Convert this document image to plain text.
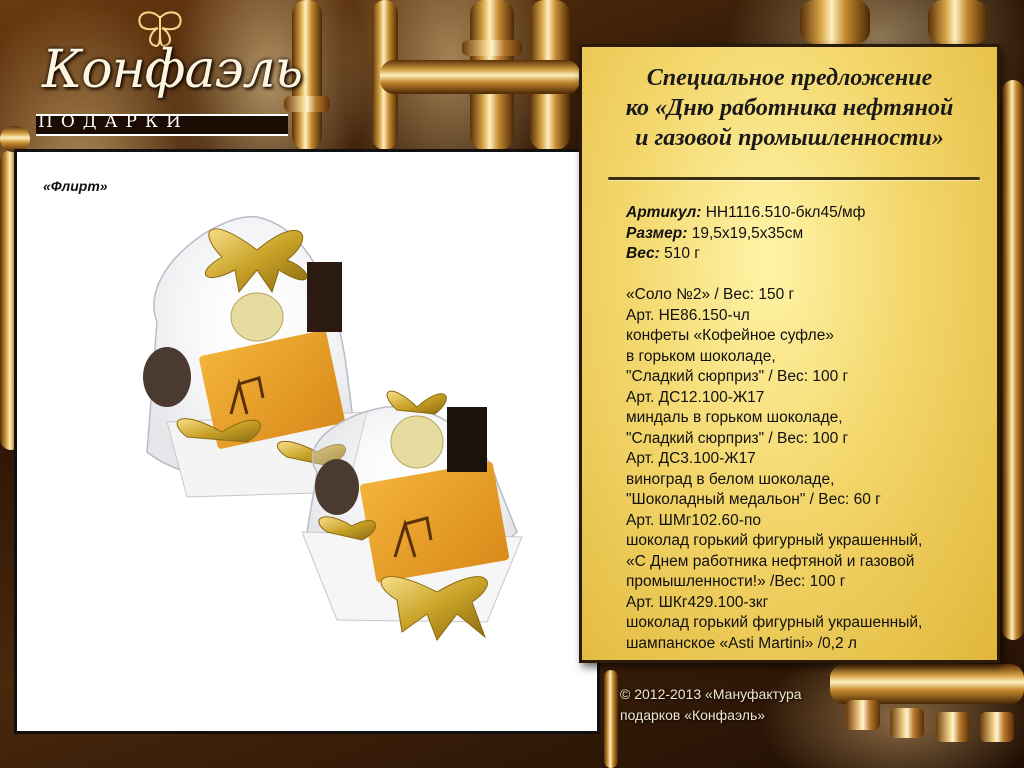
Конфаэль
ПОДАРКИ
«Флирт»
Специальное предложение
ко «Дню работника нефтяной
и газовой промышленности»
Артикул: НН1116.510-бкл45/мф
Размер: 19,5х19,5х35см
Вес: 510 г
«Соло №2» / Вес: 150 г
Арт. НЕ86.150-чл
конфеты «Кофейное суфле»
в горьком шоколаде,
"Сладкий сюрприз" / Вес: 100 г
Арт. ДС12.100-Ж17
миндаль в горьком шоколаде,
"Сладкий сюрприз" / Вес: 100 г
Арт. ДС3.100-Ж17
виноград в белом шоколаде,
"Шоколадный медальон" / Вес: 60 г
Арт. ШМг102.60-по
шоколад горький фигурный украшенный,
«С Днем работника нефтяной и газовой
промышленности!» /Вес: 100 г
Арт. ШКг429.100-зкг
шоколад горький фигурный украшенный,
шампанское «Asti Martini» /0,2 л
© 2012-2013 «Мануфактура
подарков «Конфаэль»
